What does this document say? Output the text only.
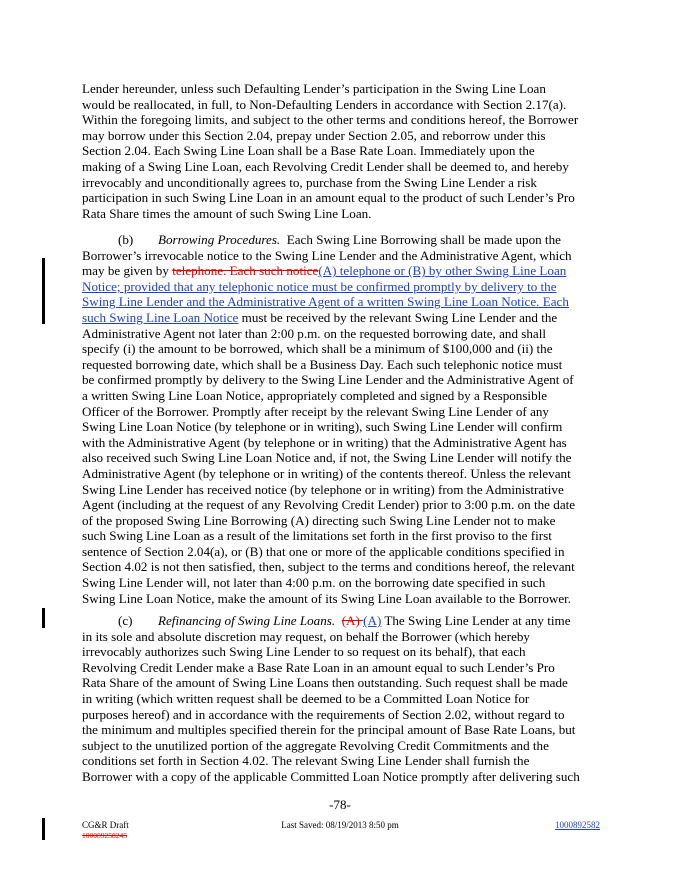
Lender hereunder, unless such Defaulting Lender’s participation in the Swing Line Loan
would be reallocated, in full, to Non-Defaulting Lenders in accordance with Section 2.17(a).
Within the foregoing limits, and subject to the other terms and conditions hereof, the Borrower
may borrow under this Section 2.04, prepay under Section 2.05, and reborrow under this
Section 2.04. Each Swing Line Loan shall be a Base Rate Loan. Immediately upon the
making of a Swing Line Loan, each Revolving Credit Lender shall be deemed to, and hereby
irrevocably and unconditionally agrees to, purchase from the Swing Line Lender a risk
participation in such Swing Line Loan in an amount equal to the product of such Lender’s Pro
Rata Share times the amount of such Swing Line Loan.
(b) Borrowing Procedures. Each Swing Line Borrowing shall be made upon the
Borrower’s irrevocable notice to the Swing Line Lender and the Administrative Agent, which
may be given by telephone. Each such notice(A) telephone or (B) by other Swing Line Loan
Notice; provided that any telephonic notice must be confirmed promptly by delivery to the
Swing Line Lender and the Administrative Agent of a written Swing Line Loan Notice. Each
such Swing Line Loan Notice must be received by the relevant Swing Line Lender and the
Administrative Agent not later than 2:00 p.m. on the requested borrowing date, and shall
specify (i) the amount to be borrowed, which shall be a minimum of $100,000 and (ii) the
requested borrowing date, which shall be a Business Day. Each such telephonic notice must
be confirmed promptly by delivery to the Swing Line Lender and the Administrative Agent of
a written Swing Line Loan Notice, appropriately completed and signed by a Responsible
Officer of the Borrower. Promptly after receipt by the relevant Swing Line Lender of any
Swing Line Loan Notice (by telephone or in writing), such Swing Line Lender will confirm
with the Administrative Agent (by telephone or in writing) that the Administrative Agent has
also received such Swing Line Loan Notice and, if not, the Swing Line Lender will notify the
Administrative Agent (by telephone or in writing) of the contents thereof. Unless the relevant
Swing Line Lender has received notice (by telephone or in writing) from the Administrative
Agent (including at the request of any Revolving Credit Lender) prior to 3:00 p.m. on the date
of the proposed Swing Line Borrowing (A) directing such Swing Line Lender not to make
such Swing Line Loan as a result of the limitations set forth in the first proviso to the first
sentence of Section 2.04(a), or (B) that one or more of the applicable conditions specified in
Section 4.02 is not then satisfied, then, subject to the terms and conditions hereof, the relevant
Swing Line Lender will, not later than 4:00 p.m. on the borrowing date specified in such
Swing Line Loan Notice, make the amount of its Swing Line Loan available to the Borrower.
(c) Refinancing of Swing Line Loans. (A) (A) The Swing Line Lender at any time
in its sole and absolute discretion may request, on behalf the Borrower (which hereby
irrevocably authorizes such Swing Line Lender to so request on its behalf), that each
Revolving Credit Lender make a Base Rate Loan in an amount equal to such Lender’s Pro
Rata Share of the amount of Swing Line Loans then outstanding. Such request shall be made
in writing (which written request shall be deemed to be a Committed Loan Notice for
purposes hereof) and in accordance with the requirements of Section 2.02, without regard to
the minimum and multiples specified therein for the principal amount of Base Rate Loans, but
subject to the unutilized portion of the aggregate Revolving Credit Commitments and the
conditions set forth in Section 4.02. The relevant Swing Line Lender shall furnish the
Borrower with a copy of the applicable Committed Loan Notice promptly after delivering such
-78-
CG&R Draft
100089258245
Last Saved: 08/19/2013 8:50 pm	1000892582
